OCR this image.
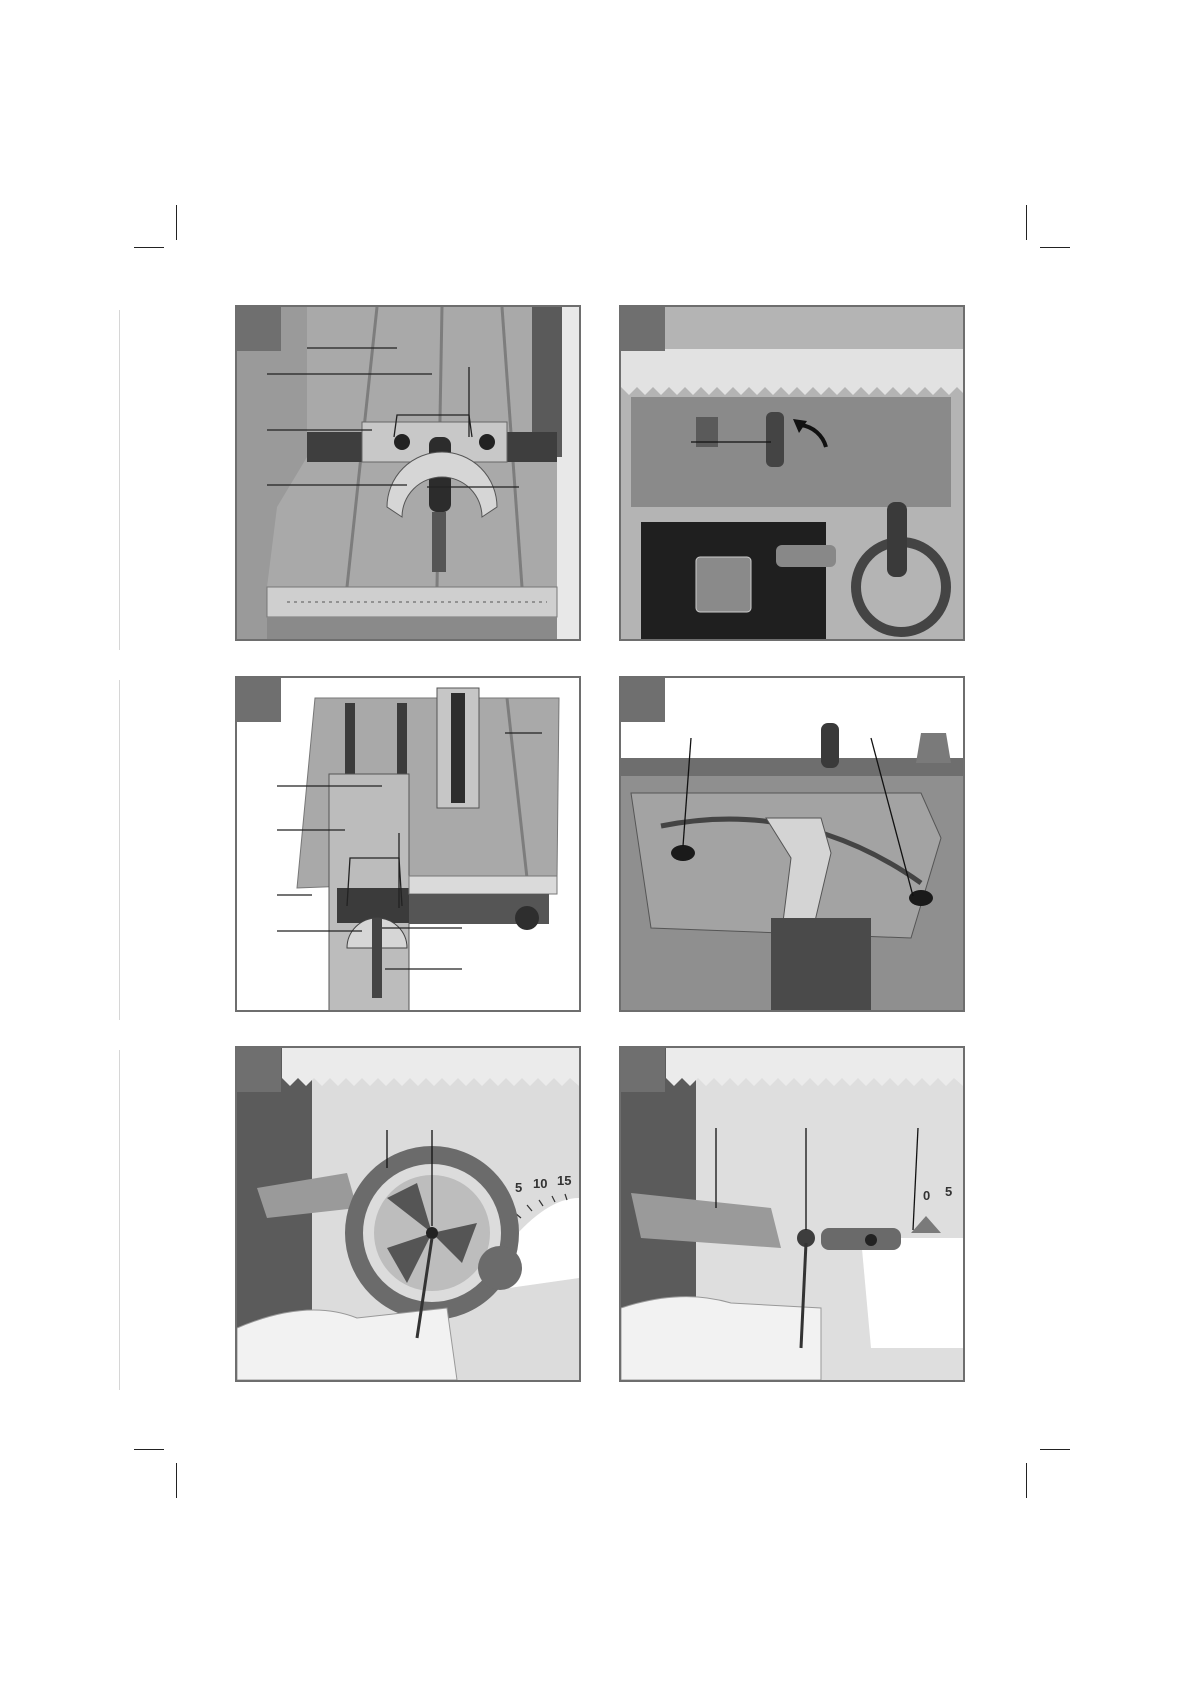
5 10 15
0 5
